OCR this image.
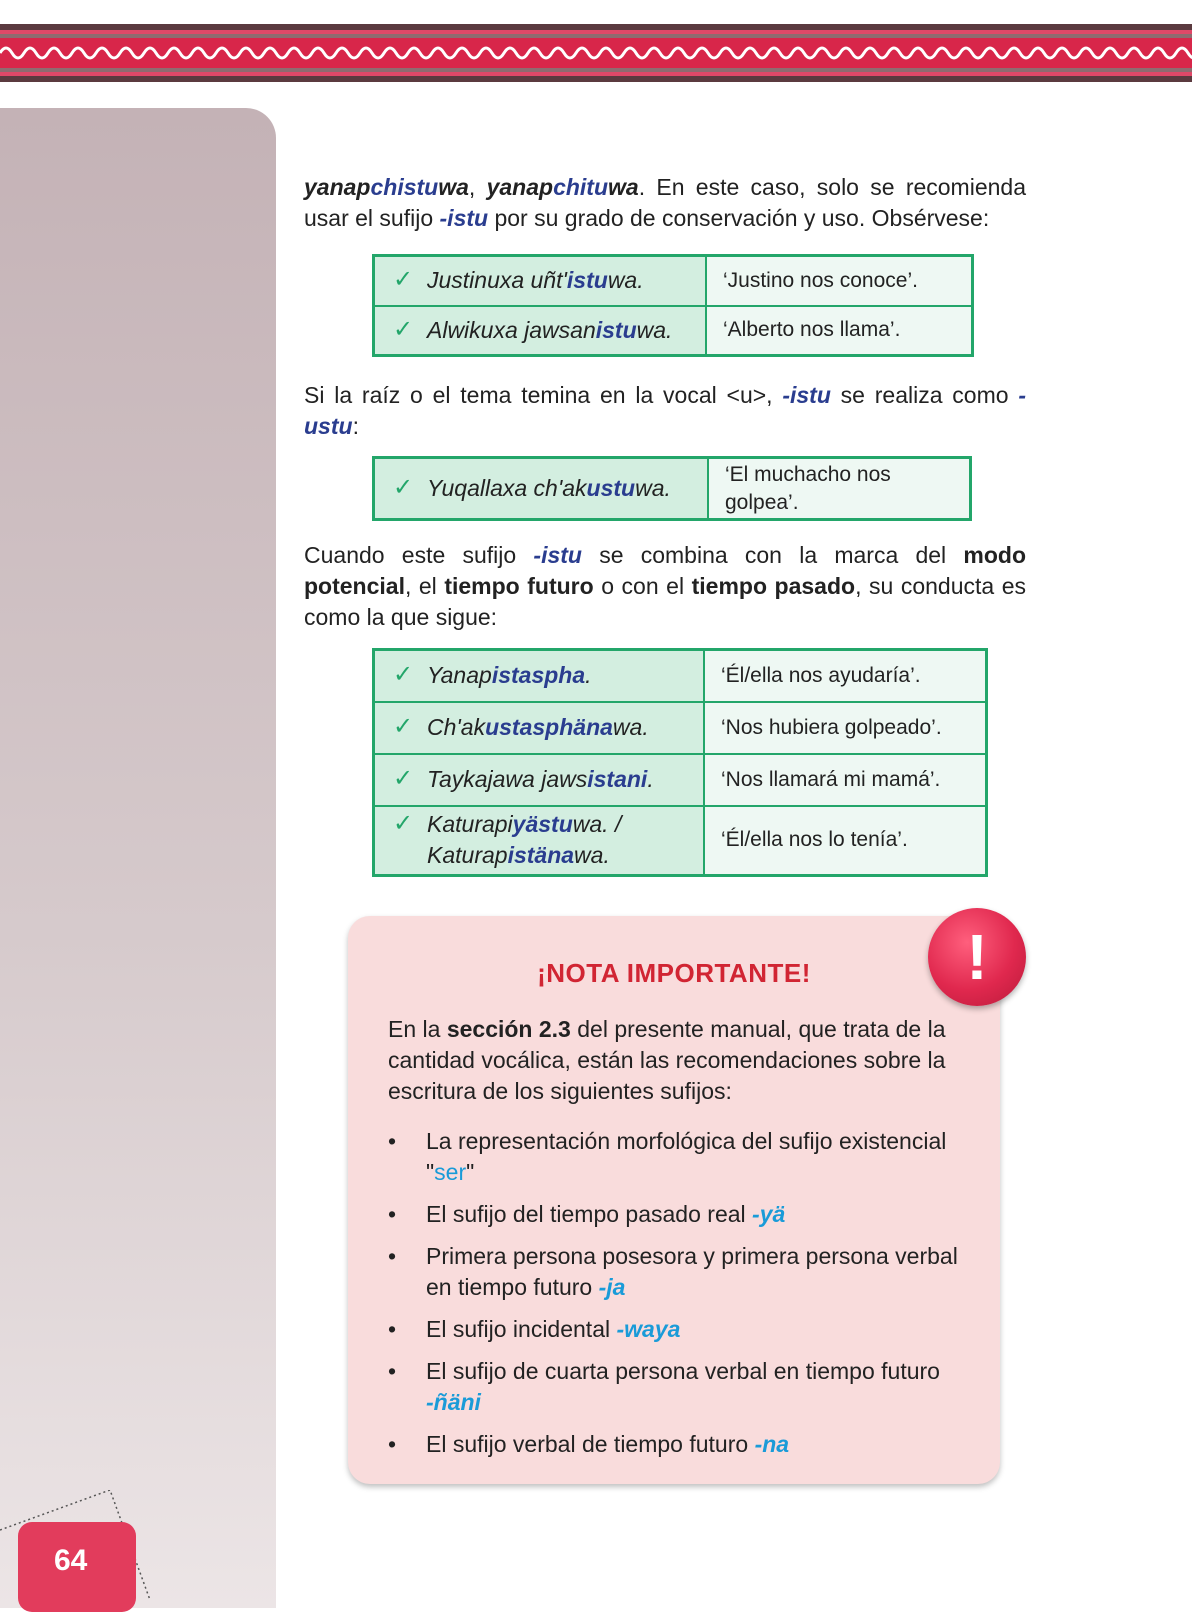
64
yanapchistuwa, yanapchituwa. En este caso, solo se recomienda usar el sufijo -istu por su grado de conservación y uso. Obsérvese:
✓ Justinuxa uñt'istuwa.	‘Justino nos conoce’.
✓ Alwikuxa jawsanistuwa.	‘Alberto nos llama’.
Si la raíz o el tema temina en la vocal <u>, -istu se realiza como -ustu:
✓ Yuqallaxa ch'akustuwa.	‘El muchacho nos golpea’.
Cuando este sufijo -istu se combina con la marca del modo potencial, el tiempo futuro o con el tiempo pasado, su conducta es como la que sigue:
✓ Yanapistaspha.	‘Él/ella nos ayudaría’.
✓ Ch'akustasphänawa.	‘Nos hubiera golpeado’.
✓ Taykajawa jawsistani.	‘Nos llamará mi mamá’.
✓ Katurapiyästuwa. /
Katurapistänawa.	‘Él/ella nos lo tenía’.
¡NOTA IMPORTANTE!
En la sección 2.3 del presente manual, que trata de la cantidad vocálica, están las recomendaciones sobre la escritura de los siguientes sufijos:
• La representación morfológica del sufijo existencial "ser"
• El sufijo del tiempo pasado real -yä
• Primera persona posesora y primera persona verbal en tiempo futuro -ja
• El sufijo incidental -waya
• El sufijo de cuarta persona verbal en tiempo futuro -ñäni
• El sufijo verbal de tiempo futuro -na
!
